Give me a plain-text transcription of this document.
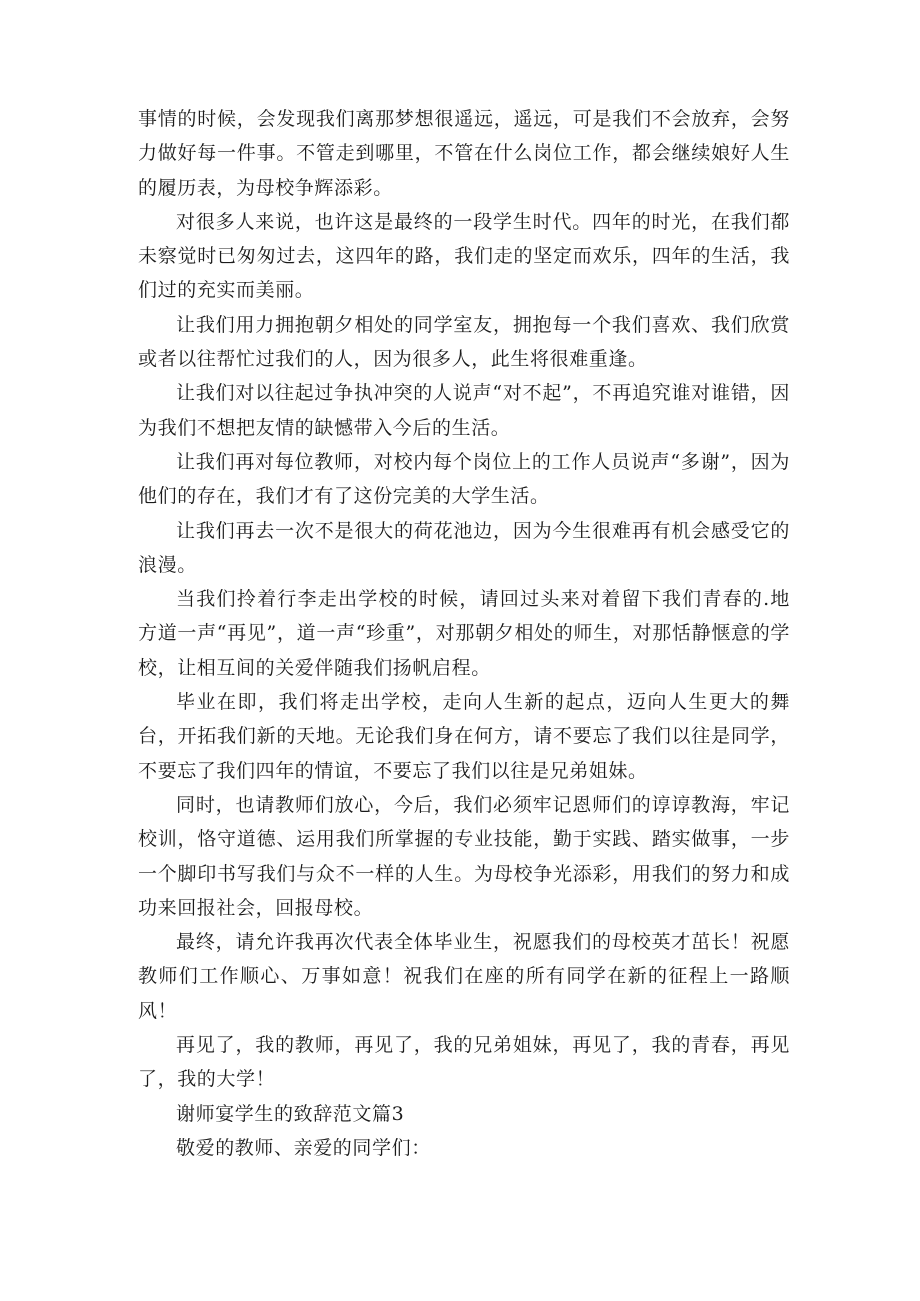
事情的时候，会发现我们离那梦想很遥远，遥远，可是我们不会放弃，会努力做好每一件事。不管走到哪里，不管在什么岗位工作，都会继续娘好人生的履历表，为母校争辉添彩。

对很多人来说，也许这是最终的一段学生时代。四年的时光，在我们都未察觉时已匆匆过去，这四年的路，我们走的坚定而欢乐，四年的生活，我们过的充实而美丽。

让我们用力拥抱朝夕相处的同学室友，拥抱每一个我们喜欢、我们欣赏或者以往帮忙过我们的人，因为很多人，此生将很难重逢。

让我们对以往起过争执冲突的人说声“对不起”，不再追究谁对谁错，因为我们不想把友情的缺憾带入今后的生活。

让我们再对每位教师，对校内每个岗位上的工作人员说声“多谢”，因为他们的存在，我们才有了这份完美的大学生活。

让我们再去一次不是很大的荷花池边，因为今生很难再有机会感受它的浪漫。

当我们拎着行李走出学校的时候，请回过头来对着留下我们青春的.地方道一声“再见”，道一声“珍重”，对那朝夕相处的师生，对那恬静惬意的学校，让相互间的关爱伴随我们扬帆启程。

毕业在即，我们将走出学校，走向人生新的起点，迈向人生更大的舞台，开拓我们新的天地。无论我们身在何方，请不要忘了我们以往是同学，不要忘了我们四年的情谊，不要忘了我们以往是兄弟姐妹。

同时，也请教师们放心，今后，我们必须牢记恩师们的谆谆教海，牢记校训，恪守道德、运用我们所掌握的专业技能，勤于实践、踏实做事，一步一个脚印书写我们与众不一样的人生。为母校争光添彩，用我们的努力和成功来回报社会，回报母校。

最终，请允许我再次代表全体毕业生，祝愿我们的母校英才茁长！祝愿教师们工作顺心、万事如意！祝我们在座的所有同学在新的征程上一路顺风！

再见了，我的教师，再见了，我的兄弟姐妹，再见了，我的青春，再见了，我的大学！

谢师宴学生的致辞范文篇3

敬爱的教师、亲爱的同学们：
